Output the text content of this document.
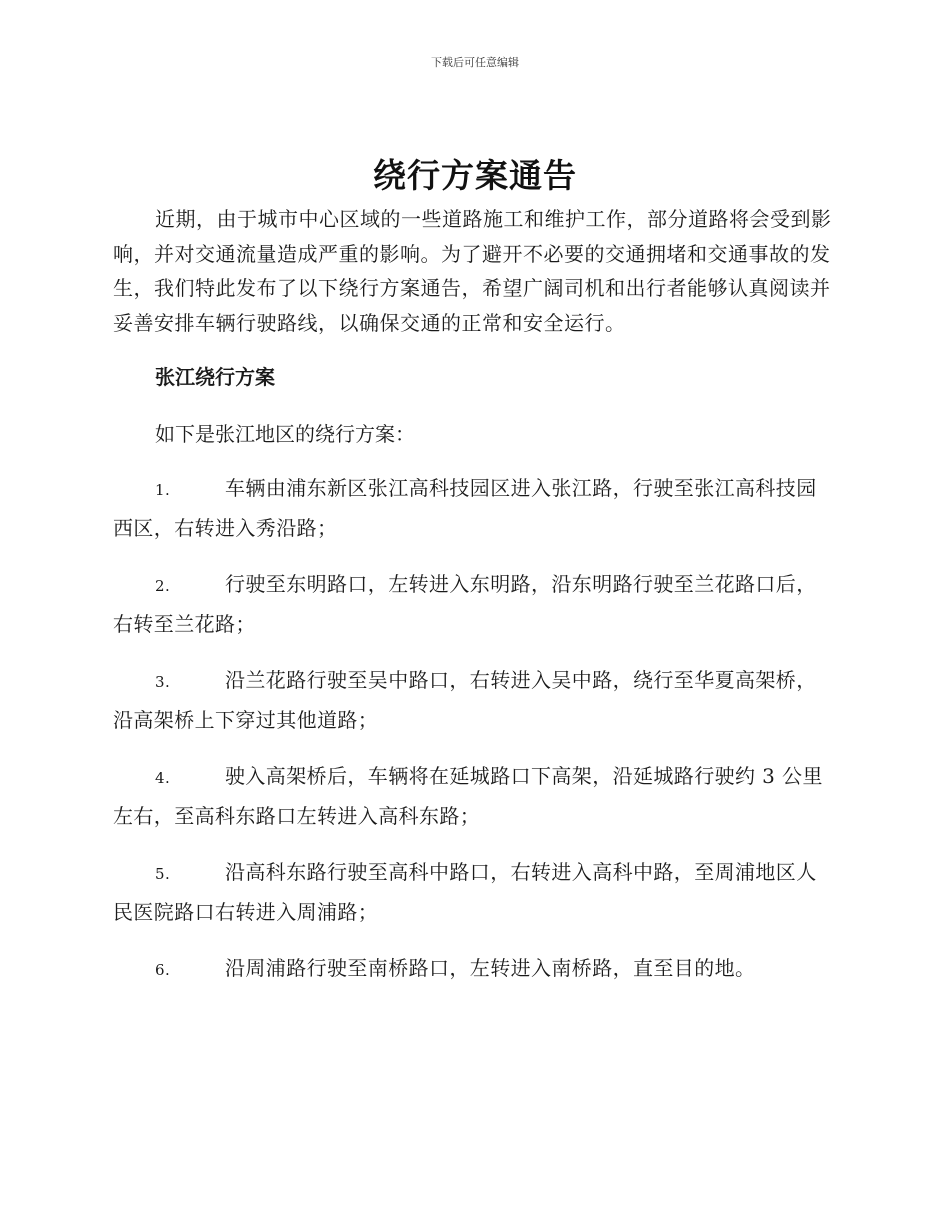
下载后可任意编辑
绕行方案通告

近期，由于城市中心区域的一些道路施工和维护工作，部分道路将会受到影响，并对交通流量造成严重的影响。为了避开不必要的交通拥堵和交通事故的发生，我们特此发布了以下绕行方案通告，希望广阔司机和出行者能够认真阅读并妥善安排车辆行驶路线，以确保交通的正常和安全运行。

张江绕行方案

如下是张江地区的绕行方案：

1.	车辆由浦东新区张江高科技园区进入张江路，行驶至张江高科技园西区，右转进入秀沿路；

2.	行驶至东明路口，左转进入东明路，沿东明路行驶至兰花路口后，右转至兰花路；

3.	沿兰花路行驶至吴中路口，右转进入吴中路，绕行至华夏高架桥，沿高架桥上下穿过其他道路；

4.	驶入高架桥后，车辆将在延城路口下高架，沿延城路行驶约 3 公里左右，至高科东路口左转进入高科东路；

5.	沿高科东路行驶至高科中路口，右转进入高科中路，至周浦地区人民医院路口右转进入周浦路；

6.	沿周浦路行驶至南桥路口，左转进入南桥路，直至目的地。
